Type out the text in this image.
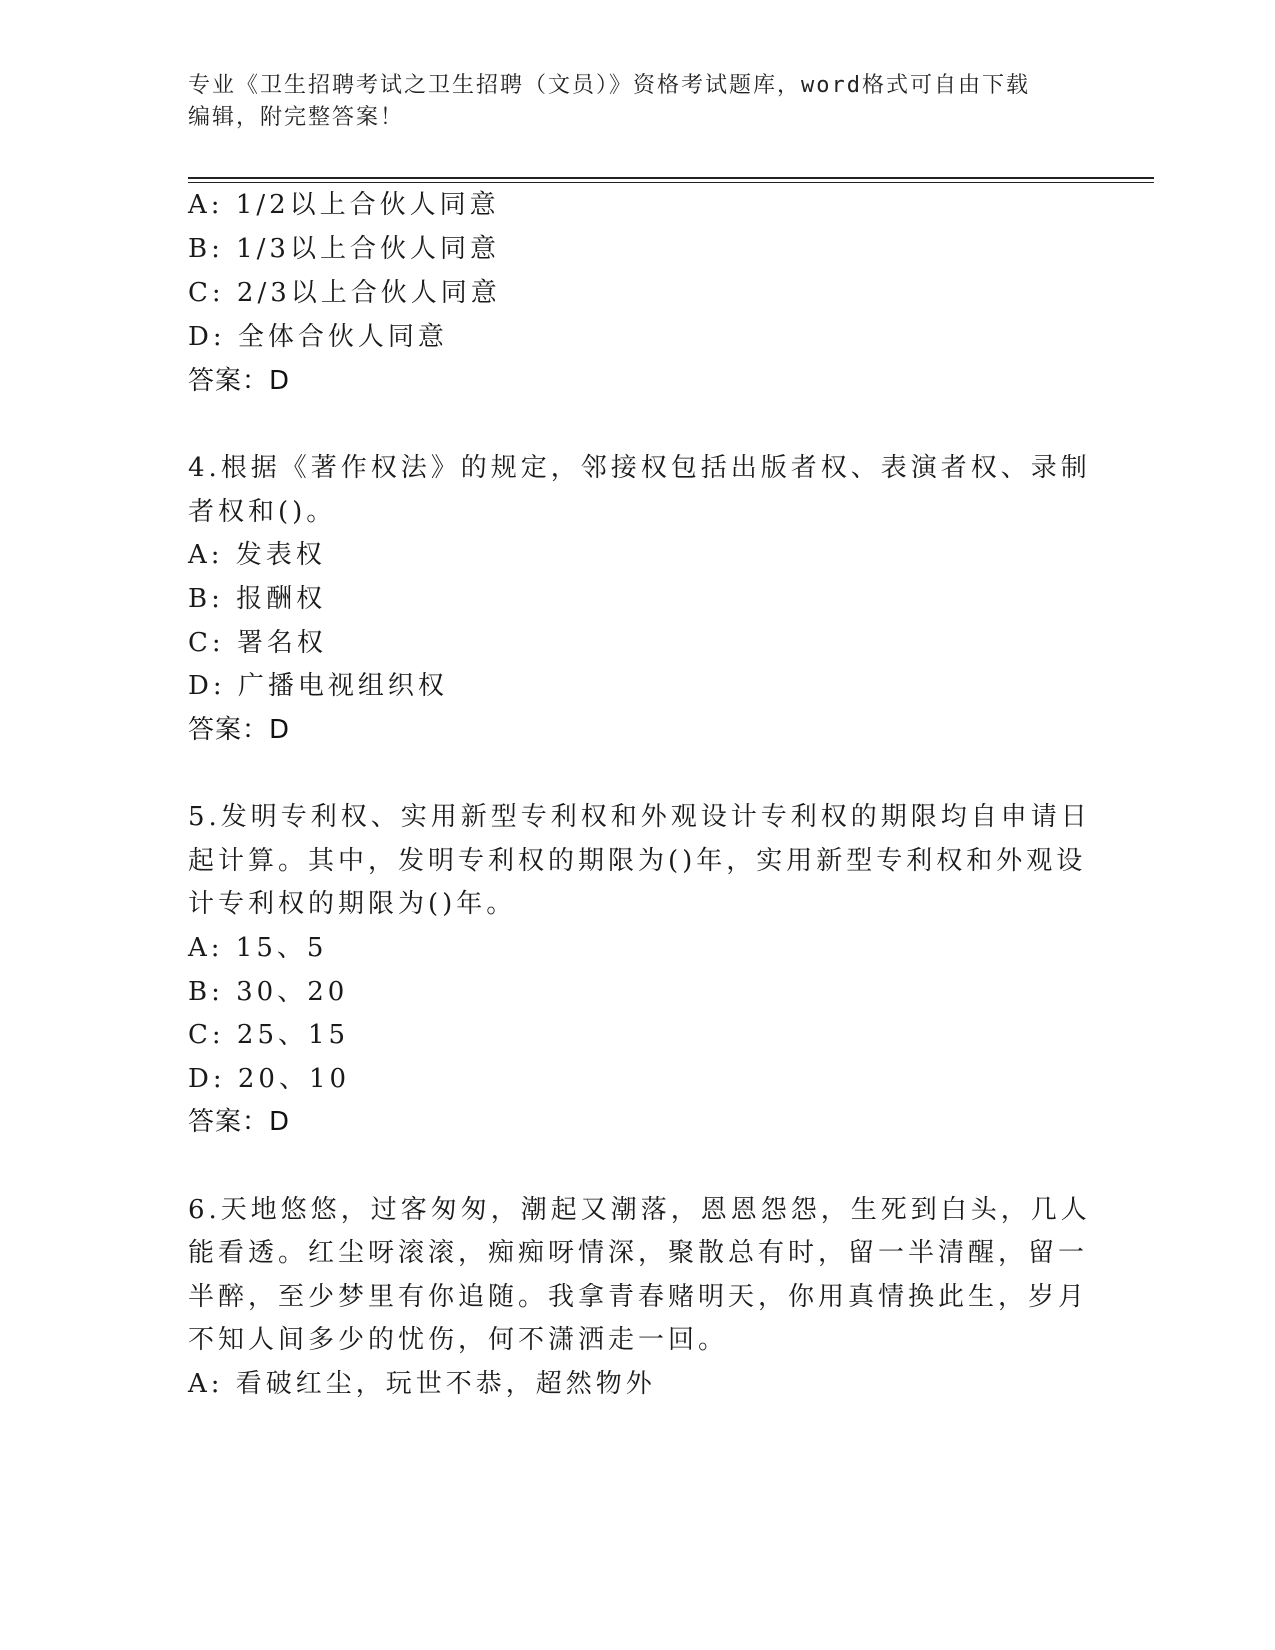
专业《卫生招聘考试之卫生招聘（文员）》资格考试题库，word格式可自由下载
编辑，附完整答案！
A: 1/2以上合伙人同意
B: 1/3以上合伙人同意
C: 2/3以上合伙人同意
D: 全体合伙人同意
答案：D
4.根据《著作权法》的规定，邻接权包括出版者权、表演者权、录制
者权和()。
A: 发表权
B: 报酬权
C: 署名权
D: 广播电视组织权
答案：D
5.发明专利权、实用新型专利权和外观设计专利权的期限均自申请日
起计算。其中，发明专利权的期限为()年，实用新型专利权和外观设
计专利权的期限为()年。
A: 15、5
B: 30、20
C: 25、15
D: 20、10
答案：D
6.天地悠悠，过客匆匆，潮起又潮落，恩恩怨怨，生死到白头，几人
能看透。红尘呀滚滚，痴痴呀情深，聚散总有时，留一半清醒，留一
半醉，至少梦里有你追随。我拿青春赌明天，你用真情换此生，岁月
不知人间多少的忧伤，何不潇洒走一回。
A: 看破红尘，玩世不恭，超然物外
